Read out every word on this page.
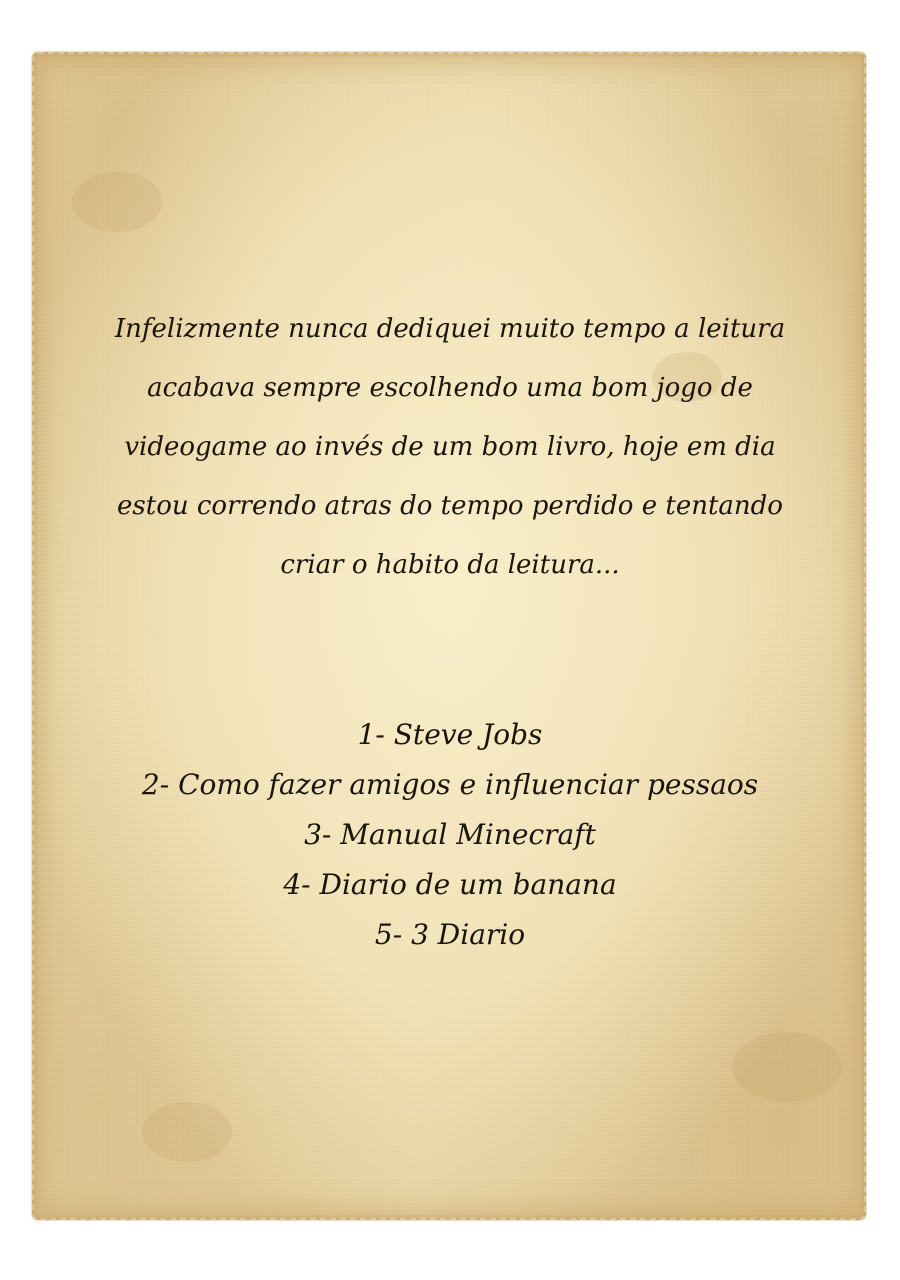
Infelizmente nunca dediquei muito tempo a leitura
acabava sempre escolhendo uma bom jogo de
videogame ao invés de um bom livro, hoje em dia
estou correndo atras do tempo perdido e tentando
criar o habito da leitura...

1- Steve Jobs
2- Como fazer amigos e influenciar pessaos
3- Manual Minecraft
4- Diario de um banana
5- 3 Diario
